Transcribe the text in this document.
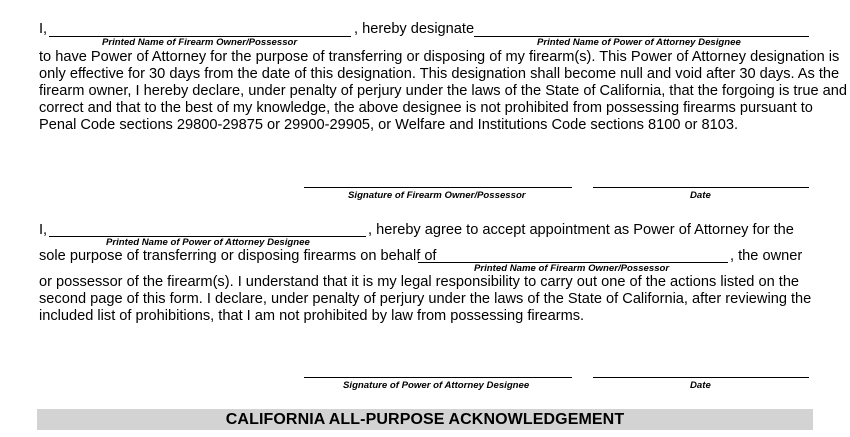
I,
Printed Name of Firearm Owner/Possessor
, hereby designate
Printed Name of Power of Attorney Designee
to have Power of Attorney for the purpose of transferring or disposing of my firearm(s). This Power of Attorney designation is
only effective for 30 days from the date of this designation. This designation shall become null and void after 30 days. As the
firearm owner, I hereby declare, under penalty of perjury under the laws of the State of California, that the forgoing is true and
correct and that to the best of my knowledge, the above designee is not prohibited from possessing firearms pursuant to
Penal Code sections 29800-29875 or 29900-29905, or Welfare and Institutions Code sections 8100 or 8103.
Signature of Firearm Owner/Possessor	Date
I,
Printed Name of Power of Attorney Designee
, hereby agree to accept appointment as Power of Attorney for the
sole purpose of transferring or disposing firearms on behalf of
Printed Name of Firearm Owner/Possessor
, the owner
or possessor of the firearm(s). I understand that it is my legal responsibility to carry out one of the actions listed on the
second page of this form. I declare, under penalty of perjury under the laws of the State of California, after reviewing the
included list of prohibitions, that I am not prohibited by law from possessing firearms.
Signature of Power of Attorney Designee	Date
CALIFORNIA ALL-PURPOSE ACKNOWLEDGEMENT
